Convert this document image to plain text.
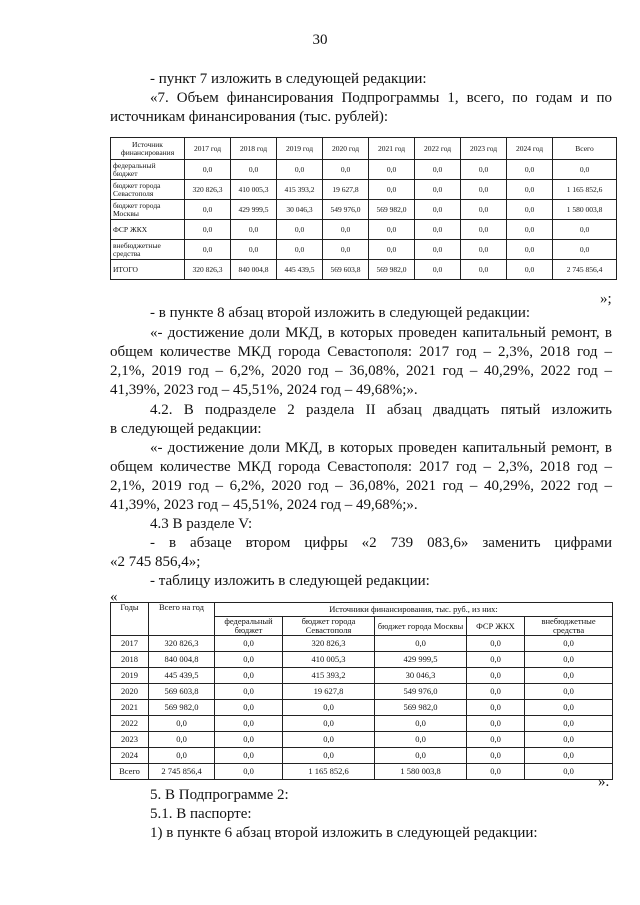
30
- пункт 7 изложить в следующей редакции:
«7. Объем финансирования Подпрограммы 1, всего, по годам и по
источникам финансирования (тыс. рублей):
Источник финансирования	2017 год	2018 год	2019 год	2020 год	2021 год	2022 год	2023 год	2024 год	Всего
федеральный бюджет	0,0	0,0	0,0	0,0	0,0	0,0	0,0	0,0	0,0
бюджет города Севастополя	320 826,3	410 005,3	415 393,2	19 627,8	0,0	0,0	0,0	0,0	1 165 852,6
бюджет города Москвы	0,0	429 999,5	30 046,3	549 976,0	569 982,0	0,0	0,0	0,0	1 580 003,8
ФСР ЖКХ	0,0	0,0	0,0	0,0	0,0	0,0	0,0	0,0	0,0
внебюджетные средства	0,0	0,0	0,0	0,0	0,0	0,0	0,0	0,0	0,0
ИТОГО	320 826,3	840 004,8	445 439,5	569 603,8	569 982,0	0,0	0,0	0,0	2 745 856,4
»;
- в пункте 8 абзац второй изложить в следующей редакции:
«- достижение доли МКД, в которых проведен капитальный ремонт, в
общем количестве МКД города Севастополя: 2017 год – 2,3%, 2018 год –
2,1%, 2019 год – 6,2%, 2020 год – 36,08%, 2021 год – 40,29%, 2022 год –
41,39%, 2023 год – 45,51%, 2024 год – 49,68%;».
4.2. В подразделе 2 раздела II абзац двадцать пятый изложить
в следующей редакции:
«- достижение доли МКД, в которых проведен капитальный ремонт, в
общем количестве МКД города Севастополя: 2017 год – 2,3%, 2018 год –
2,1%, 2019 год – 6,2%, 2020 год – 36,08%, 2021 год – 40,29%, 2022 год –
41,39%, 2023 год – 45,51%, 2024 год – 49,68%;».
4.3 В разделе V:
- в абзаце втором цифры «2 739 083,6» заменить цифрами
«2 745 856,4»;
- таблицу изложить в следующей редакции:
«
Годы	Всего на год	Источники финансирования, тыс. руб., из них:				
		федеральный бюджет	бюджет города Севастополя	бюджет города Москвы	ФСР ЖКХ	внебюджетные средства
2017	320 826,3	0,0	320 826,3	0,0	0,0	0,0
2018	840 004,8	0,0	410 005,3	429 999,5	0,0	0,0
2019	445 439,5	0,0	415 393,2	30 046,3	0,0	0,0
2020	569 603,8	0,0	19 627,8	549 976,0	0,0	0,0
2021	569 982,0	0,0	0,0	569 982,0	0,0	0,0
2022	0,0	0,0	0,0	0,0	0,0	0,0
2023	0,0	0,0	0,0	0,0	0,0	0,0
2024	0,0	0,0	0,0	0,0	0,0	0,0
Всего	2 745 856,4	0,0	1 165 852,6	1 580 003,8	0,0	0,0
».
5. В Подпрограмме 2:
5.1. В паспорте:
1) в пункте 6 абзац второй изложить в следующей редакции:
